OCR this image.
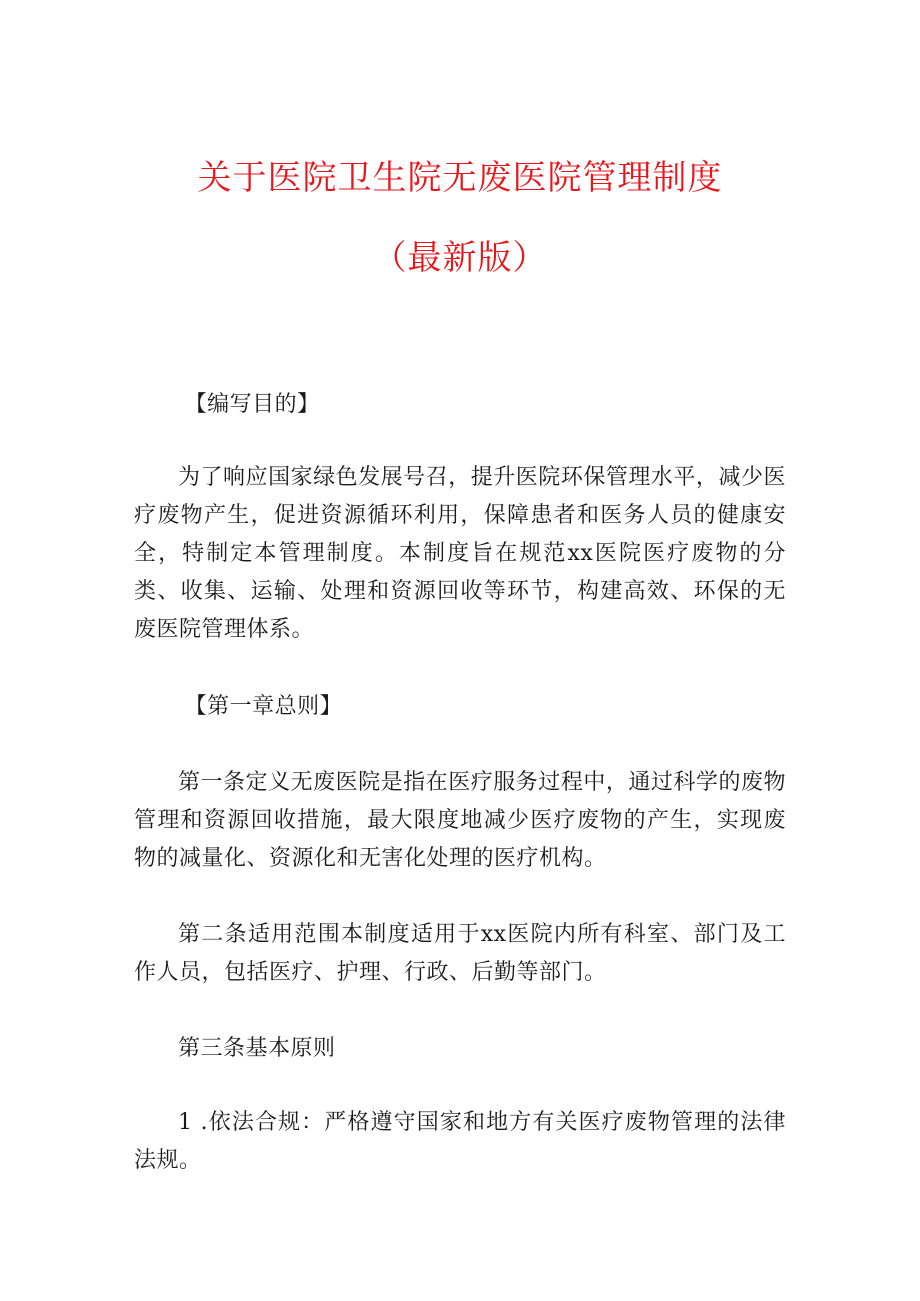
关于医院卫生院无废医院管理制度
（最新版）

【编写目的】

为了响应国家绿色发展号召，提升医院环保管理水平，减少医疗废物产生，促进资源循环利用，保障患者和医务人员的健康安全，特制定本管理制度。本制度旨在规范xx医院医疗废物的分类、收集、运输、处理和资源回收等环节，构建高效、环保的无废医院管理体系。

【第一章总则】

第一条定义无废医院是指在医疗服务过程中，通过科学的废物管理和资源回收措施，最大限度地减少医疗废物的产生，实现废物的减量化、资源化和无害化处理的医疗机构。

第二条适用范围本制度适用于xx医院内所有科室、部门及工作人员，包括医疗、护理、行政、后勤等部门。

第三条基本原则

1 .依法合规：严格遵守国家和地方有关医疗废物管理的法律法规。
